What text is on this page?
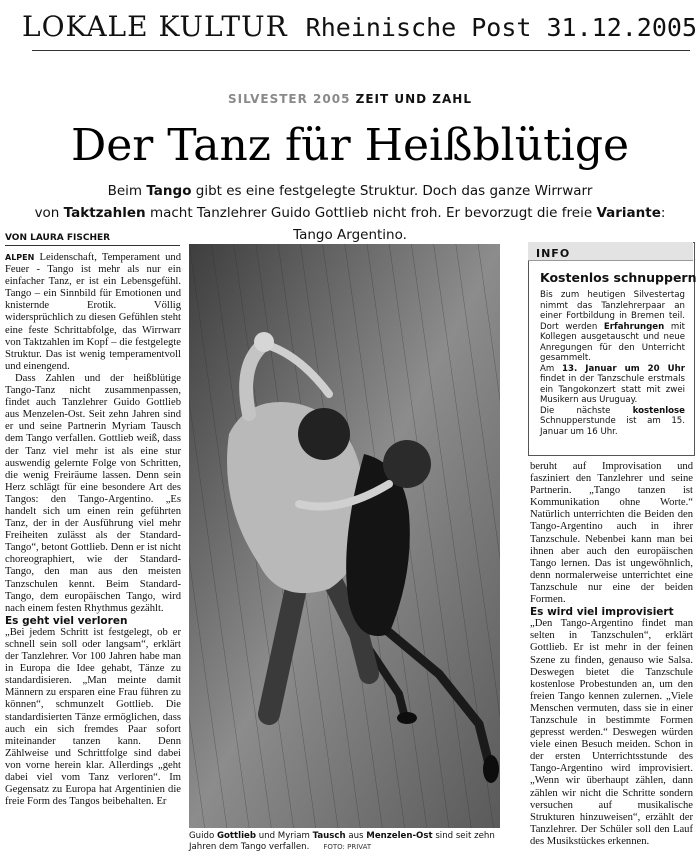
LOKALE KULTUR Rheinische Post 31.12.2005
SILVESTER 2005 ZEIT UND ZAHL
Der Tanz für Heißblütige
Beim Tango gibt es eine festgelegte Struktur. Doch das ganze Wirrwarr
von Taktzahlen macht Tanzlehrer Guido Gottlieb nicht froh. Er bevorzugt die freie Variante: Tango Argentino.
VON LAURA FISCHER

ALPEN Leidenschaft, Temperament und Feuer - Tango ist mehr als nur ein einfacher Tanz, er ist ein Lebensgefühl. Tango – ein Sinnbild für Emotionen und knisternde Erotik. Völlig widersprüchlich zu diesen Gefühlen steht eine feste Schrittabfolge, das Wirrwarr von Taktzahlen im Kopf – die festgelegte Struktur. Das ist wenig temperamentvoll und einengend.

Dass Zahlen und der heißblütige Tango-Tanz nicht zusammenpassen, findet auch Tanzlehrer Guido Gottlieb aus Menzelen-Ost. Seit zehn Jahren sind er und seine Partnerin Myriam Tausch dem Tango verfallen. Gottlieb weiß, dass der Tanz viel mehr ist als eine stur auswendig gelernte Folge von Schritten, die wenig Freiräume lassen. Denn sein Herz schlägt für eine besondere Art des Tangos: den Tango-Argentino. „Es handelt sich um einen rein geführten Tanz, der in der Ausführung viel mehr Freiheiten zulässt als der Standard-Tango“, betont Gottlieb. Denn er ist nicht choreographiert, wie der Standard-Tango, den man aus den meisten Tanzschulen kennt. Beim Standard-Tango, dem europäischen Tango, wird nach einem festen Rhythmus gezählt.

Es geht viel verloren

„Bei jedem Schritt ist festgelegt, ob er schnell sein soll oder langsam“, erklärt der Tanzlehrer. Vor 100 Jahren habe man in Europa die Idee gehabt, Tänze zu standardisieren. „Man meinte damit Männern zu ersparen eine Frau führen zu können“, schmunzelt Gottlieb. Die standardisierten Tänze ermöglichen, dass auch ein sich fremdes Paar sofort miteinander tanzen kann. Denn Zählweise und Schrittfolge sind dabei von vorne herein klar. Allerdings „geht dabei viel vom Tanz verloren“. Im Gegensatz zu Europa hat Argentinien die freie Form des Tangos beibehalten. Er

Guido Gottlieb und Myriam Tausch aus Menzelen-Ost sind seit zehn Jahren dem Tango verfallen. FOTO: PRIVAT
INFO
Kostenlos schnuppern

Bis zum heutigen Silvestertag nimmt das Tanzlehrerpaar an einer Fortbildung in Bremen teil. Dort werden Erfahrungen mit Kollegen ausgetauscht und neue Anregungen für den Unterricht gesammelt.

Am 13. Januar um 20 Uhr findet in der Tanzschule erstmals ein Tangokonzert statt mit zwei Musikern aus Uruguay.

Die nächste kostenlose Schnupperstunde ist am 15. Januar um 16 Uhr.

beruht auf Improvisation und fasziniert den Tanzlehrer und seine Partnerin. „Tango tanzen ist Kommunikation ohne Worte.“ Natürlich unterrichten die Beiden den Tango-Argentino auch in ihrer Tanzschule. Nebenbei kann man bei ihnen aber auch den europäischen Tango lernen. Das ist ungewöhnlich, denn normalerweise unterrichtet eine Tanzschule nur eine der beiden Formen.

Es wird viel improvisiert

„Den Tango-Argentino findet man selten in Tanzschulen“, erklärt Gottlieb. Er ist mehr in der feinen Szene zu finden, genauso wie Salsa. Deswegen bietet die Tanzschule kostenlose Probestunden an, um den freien Tango kennen zulernen. „Viele Menschen vermuten, dass sie in einer Tanzschule in bestimmte Formen gepresst werden.“ Deswegen würden viele einen Besuch meiden. Schon in der ersten Unterrichtsstunde des Tango-Argentino wird improvisiert. „Wenn wir überhaupt zählen, dann zählen wir nicht die Schritte sondern versuchen auf musikalische Strukturen hinzuweisen“, erzählt der Tanzlehrer. Der Schüler soll den Lauf des Musikstückes erkennen.
